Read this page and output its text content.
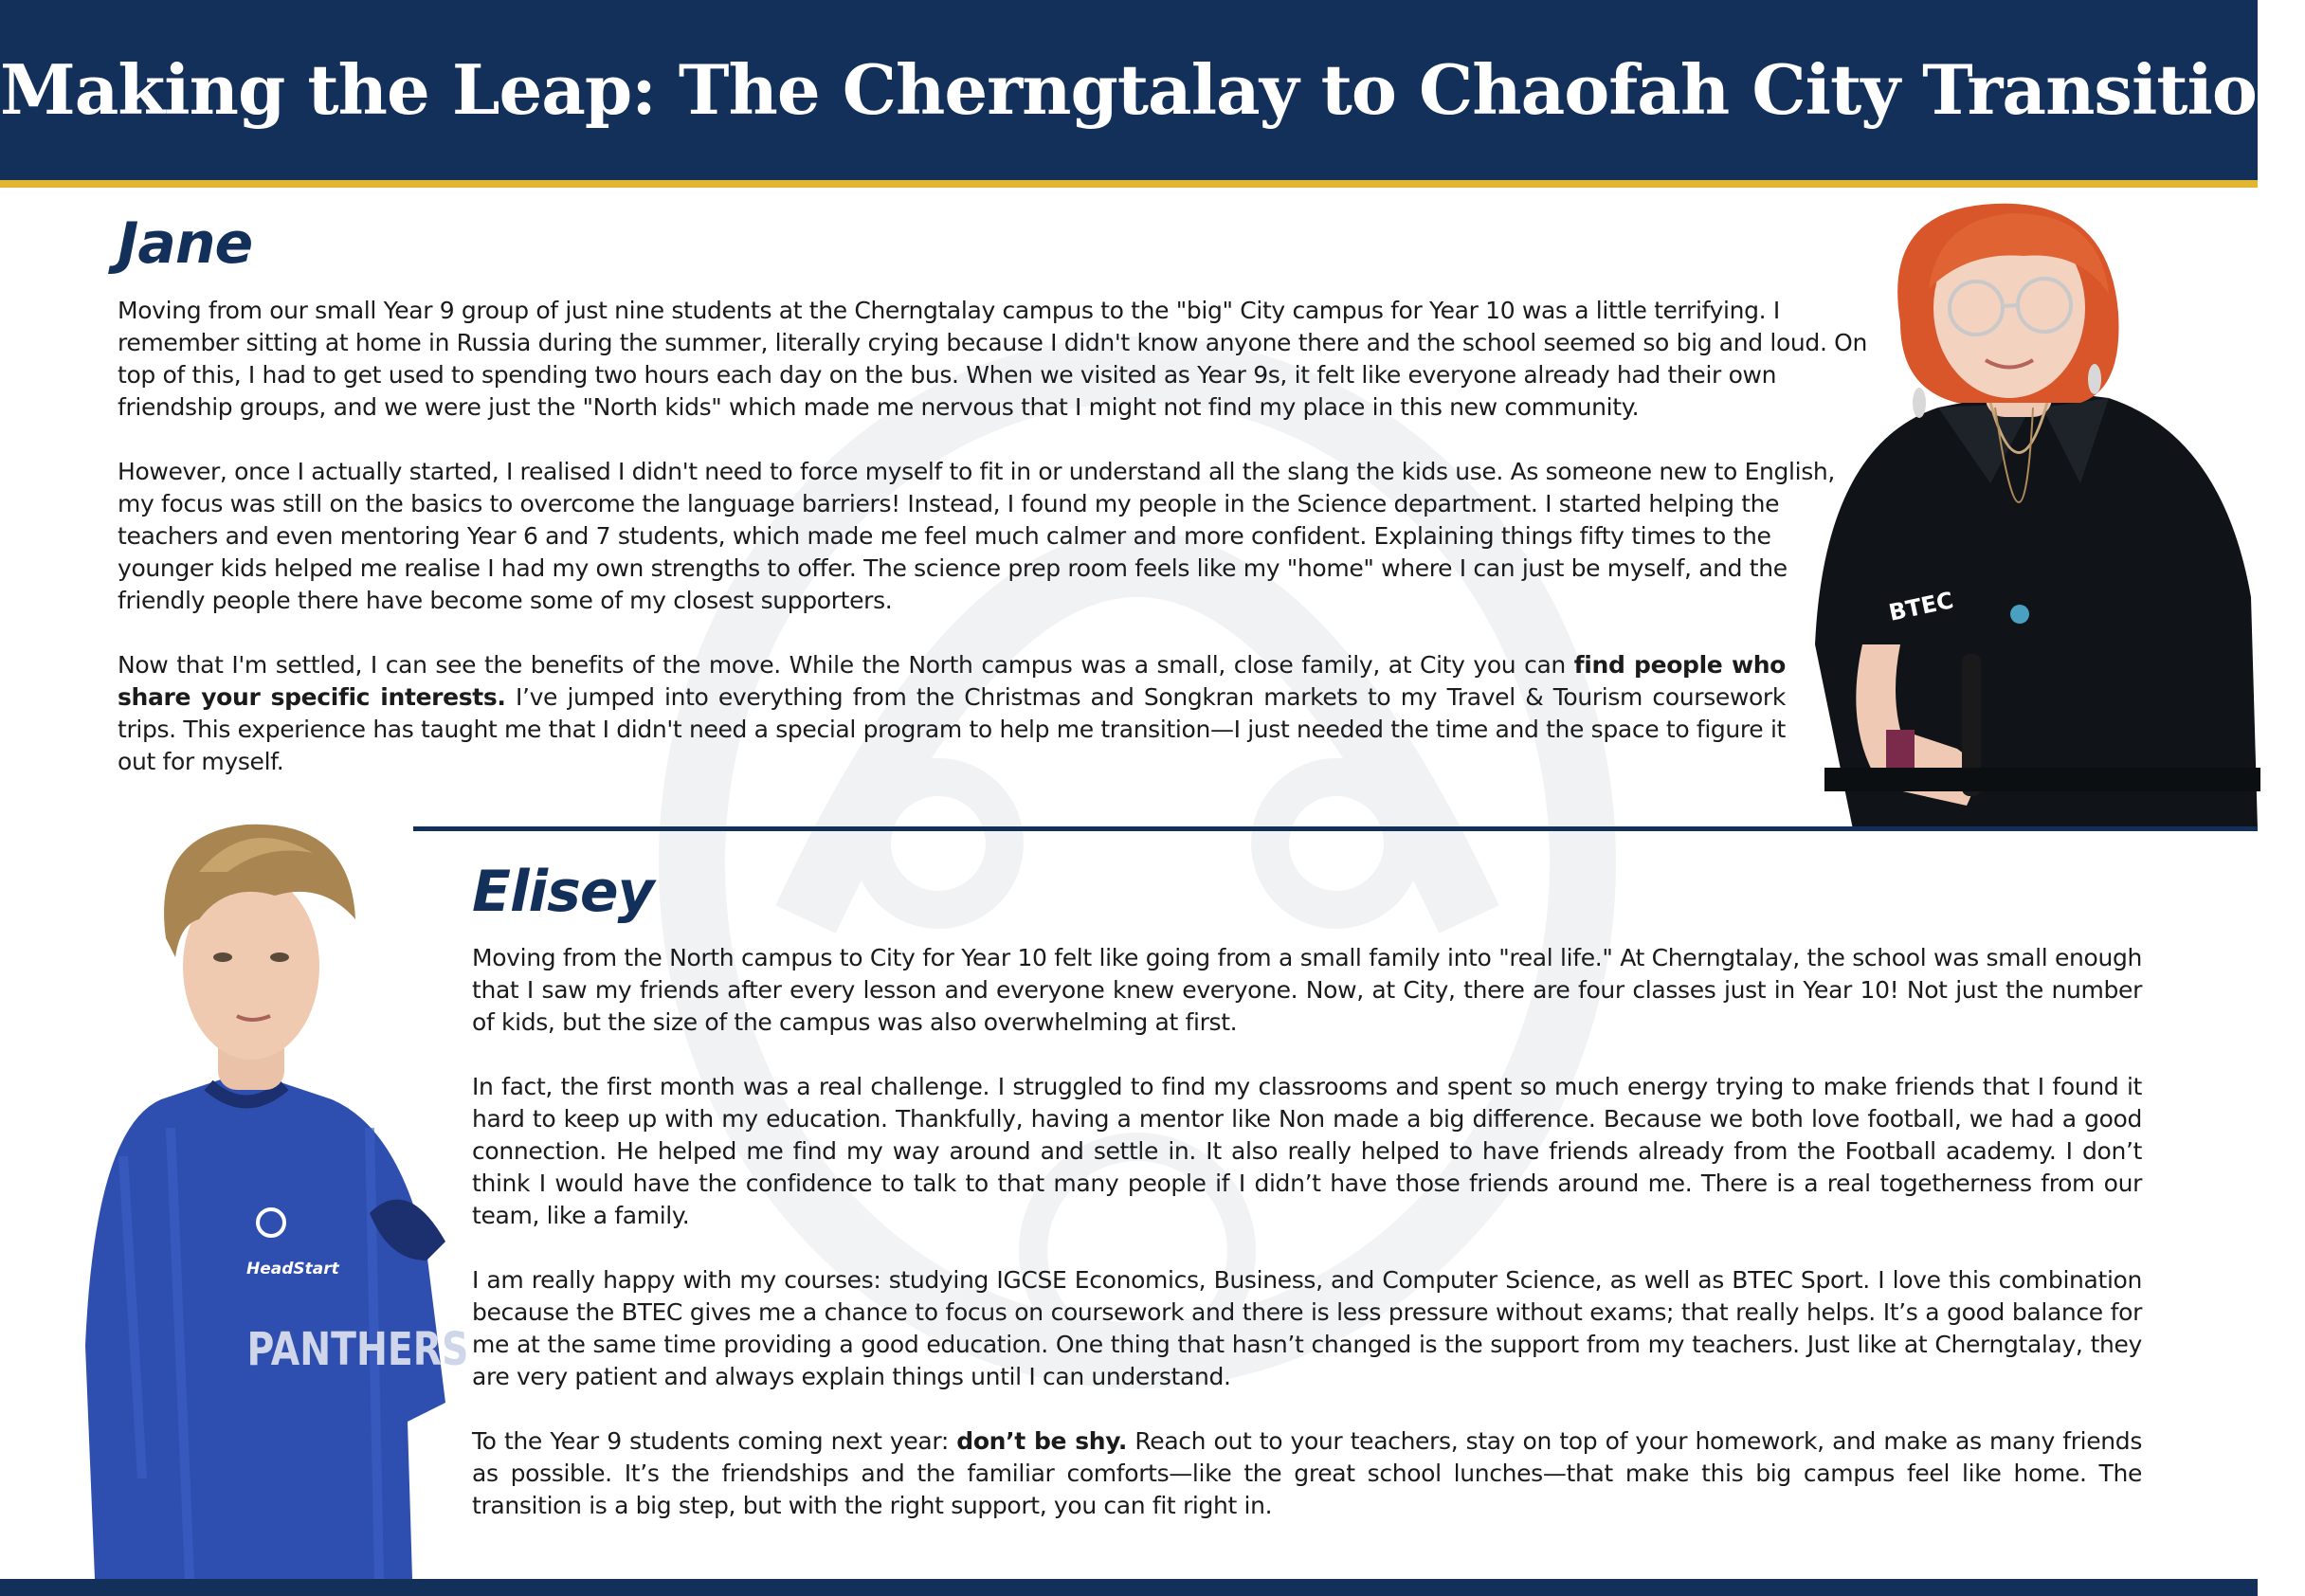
Making the Leap: The Cherngtalay to Chaofah City Transition
Jane

Moving from our small Year 9 group of just nine students at the Cherngtalay campus to the "big" City campus for Year 10 was a little terrifying. I remember sitting at home in Russia during the summer, literally crying because I didn't know anyone there and the school seemed so big and loud. On top of this, I had to get used to spending two hours each day on the bus. When we visited as Year 9s, it felt like everyone already had their own friendship groups, and we were just the "North kids" which made me nervous that I might not find my place in this new community.

However, once I actually started, I realised I didn't need to force myself to fit in or understand all the slang the kids use. As someone new to English, my focus was still on the basics to overcome the language barriers! Instead, I found my people in the Science department. I started helping the teachers and even mentoring Year 6 and 7 students, which made me feel much calmer and more confident. Explaining things fifty times to the younger kids helped me realise I had my own strengths to offer. The science prep room feels like my "home" where I can just be myself, and the friendly people there have become some of my closest supporters.

Now that I'm settled, I can see the benefits of the move. While the North campus was a small, close family, at City you can find people who share your specific interests. I’ve jumped into everything from the Christmas and Songkran markets to my Travel & Tourism coursework trips. This experience has taught me that I didn't need a special program to help me transition—I just needed the time and the space to figure it out for myself.

BTEC
HeadStart
PANTHERS
Elisey

Moving from the North campus to City for Year 10 felt like going from a small family into "real life." At Cherngtalay, the school was small enough that I saw my friends after every lesson and everyone knew everyone. Now, at City, there are four classes just in Year 10! Not just the number of kids, but the size of the campus was also overwhelming at first.

In fact, the first month was a real challenge. I struggled to find my classrooms and spent so much energy trying to make friends that I found it hard to keep up with my education. Thankfully, having a mentor like Non made a big difference. Because we both love football, we had a good connection. He helped me find my way around and settle in. It also really helped to have friends already from the Football academy. I don’t think I would have the confidence to talk to that many people if I didn’t have those friends around me. There is a real togetherness from our team, like a family.

I am really happy with my courses: studying IGCSE Economics, Business, and Computer Science, as well as BTEC Sport. I love this combination because the BTEC gives me a chance to focus on coursework and there is less pressure without exams; that really helps. It’s a good balance for me at the same time providing a good education. One thing that hasn’t changed is the support from my teachers. Just like at Cherngtalay, they are very patient and always explain things until I can understand.

To the Year 9 students coming next year: don’t be shy. Reach out to your teachers, stay on top of your homework, and make as many friends as possible. It’s the friendships and the familiar comforts—like the great school lunches—that make this big campus feel like home. The transition is a big step, but with the right support, you can fit right in.
